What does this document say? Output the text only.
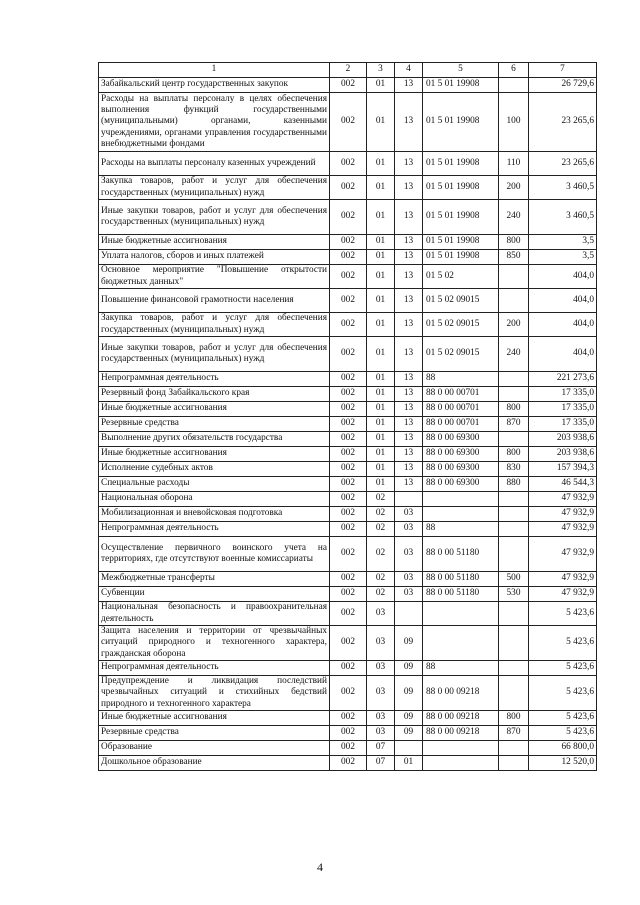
1	2	3	4	5	6	7
Забайкальский центр государственных закупок	002	01	13	01 5 01 19908		26 729,6
Расходы на выплаты персоналу в целях обеспечения выполнения функций государственными (муниципальными) органами, казенными учреждениями, органами управления государственными внебюджетными фондами	002	01	13	01 5 01 19908	100	23 265,6
Расходы на выплаты персоналу казенных учреждений	002	01	13	01 5 01 19908	110	23 265,6
Закупка товаров, работ и услуг для обеспечения государственных (муниципальных) нужд	002	01	13	01 5 01 19908	200	3 460,5
Иные закупки товаров, работ и услуг для обеспечения государственных (муниципальных) нужд	002	01	13	01 5 01 19908	240	3 460,5
Иные бюджетные ассигнования	002	01	13	01 5 01 19908	800	3,5
Уплата налогов, сборов и иных платежей	002	01	13	01 5 01 19908	850	3,5
Основное мероприятие "Повышение открытости бюджетных данных"	002	01	13	01 5 02		404,0
Повышение финансовой грамотности населения	002	01	13	01 5 02 09015		404,0
Закупка товаров, работ и услуг для обеспечения государственных (муниципальных) нужд	002	01	13	01 5 02 09015	200	404,0
Иные закупки товаров, работ и услуг для обеспечения государственных (муниципальных) нужд	002	01	13	01 5 02 09015	240	404,0
Непрограммная деятельность	002	01	13	88		221 273,6
Резервный фонд Забайкальского края	002	01	13	88 0 00 00701		17 335,0
Иные бюджетные ассигнования	002	01	13	88 0 00 00701	800	17 335,0
Резервные средства	002	01	13	88 0 00 00701	870	17 335,0
Выполнение других обязательств государства	002	01	13	88 0 00 69300		203 938,6
Иные бюджетные ассигнования	002	01	13	88 0 00 69300	800	203 938,6
Исполнение судебных актов	002	01	13	88 0 00 69300	830	157 394,3
Специальные расходы	002	01	13	88 0 00 69300	880	46 544,3
Национальная оборона	002	02				47 932,9
Мобилизационная и вневойсковая подготовка	002	02	03			47 932,9
Непрограммная деятельность	002	02	03	88		47 932,9
Осуществление первичного воинского учета на территориях, где отсутствуют военные комиссариаты	002	02	03	88 0 00 51180		47 932,9
Межбюджетные трансферты	002	02	03	88 0 00 51180	500	47 932,9
Субвенции	002	02	03	88 0 00 51180	530	47 932,9
Национальная безопасность и правоохранительная деятельность	002	03				5 423,6
Защита населения и территории от чрезвычайных ситуаций природного и техногенного характера, гражданская оборона	002	03	09			5 423,6
Непрограммная деятельность	002	03	09	88		5 423,6
Предупреждение и ликвидация последствий чрезвычайных ситуаций и стихийных бедствий природного и техногенного характера	002	03	09	88 0 00 09218		5 423,6
Иные бюджетные ассигнования	002	03	09	88 0 00 09218	800	5 423,6
Резервные средства	002	03	09	88 0 00 09218	870	5 423,6
Образование	002	07				66 800,0
Дошкольное образование	002	07	01			12 520,0
4
